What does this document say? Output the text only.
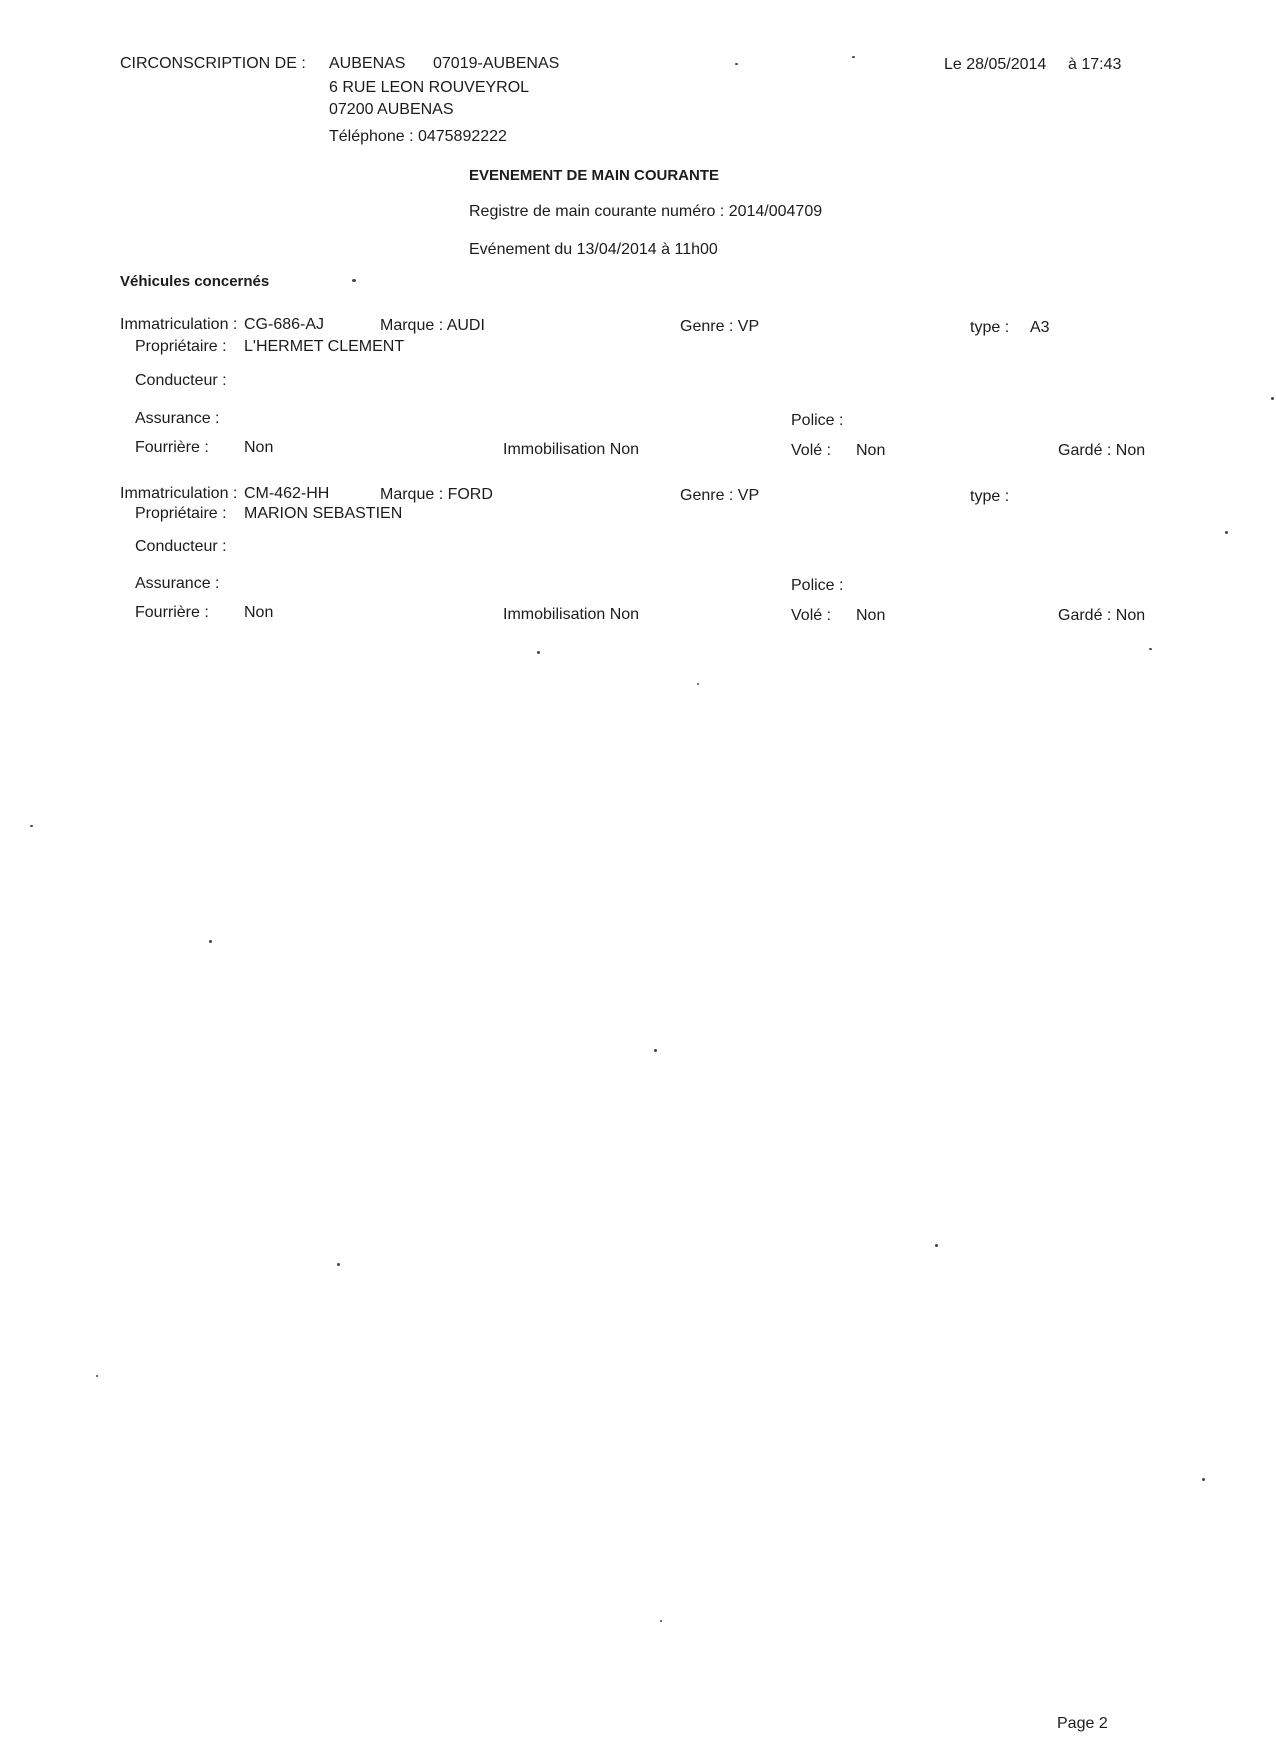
CIRCONSCRIPTION DE : AUBENAS 07019-AUBENAS
6 RUE LEON ROUVEYROL
07200 AUBENAS
Téléphone : 0475892222
Le 28/05/2014 à 17:43
EVENEMENT DE MAIN COURANTE
Registre de main courante numéro : 2014/004709
Evénement du 13/04/2014 à 11h00
Véhicules concernés
Immatriculation : CG-686-AJ	Marque : AUDI	Genre : VP	type : A3
Propriétaire : L'HERMET CLEMENT
Conducteur :
Assurance :	Police :
Fourrière : Non	Immobilisation Non	Volé : Non	Gardé : Non
Immatriculation : CM-462-HH	Marque : FORD	Genre : VP	type :
Propriétaire : MARION SEBASTIEN
Conducteur :
Assurance :	Police :
Fourrière : Non	Immobilisation Non	Volé : Non	Gardé : Non
Page 2
